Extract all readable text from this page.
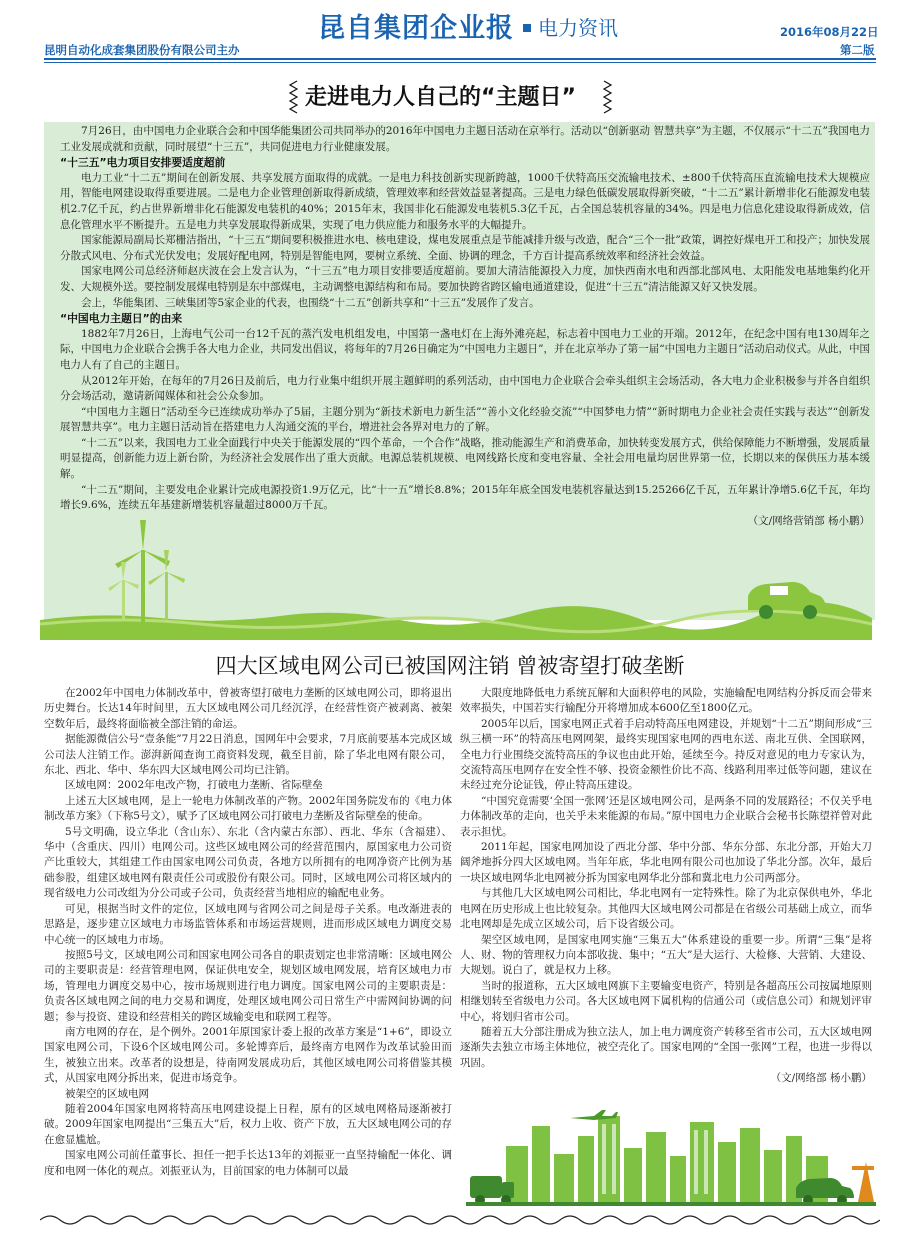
昆自集团企业报 电力资讯
昆明自动化成套集团股份有限公司主办
2016年08月22日
第二版
走进电力人自己的“主题日”

7月26日，由中国电力企业联合会和中国华能集团公司共同举办的2016年中国电力主题日活动在京举行。活动以“创新驱动 智慧共享”为主题，不仅展示“十二五”我国电力工业发展成就和贡献，同时展望“十三五”，共同促进电力行业健康发展。

“十三五”电力项目安排要适度超前

电力工业“十二五”期间在创新发展、共享发展方面取得的成就。一是电力科技创新实现新跨越，1000千伏特高压交流输电技术、±800千伏特高压直流输电技术大规模应用，智能电网建设取得重要进展。二是电力企业管理创新取得新成绩，管理效率和经营效益显著提高。三是电力绿色低碳发展取得新突破，“十二五”累计新增非化石能源发电装机2.7亿千瓦，约占世界新增非化石能源发电装机的40%；2015年末，我国非化石能源发电装机5.3亿千瓦，占全国总装机容量的34%。四是电力信息化建设取得新成效，信息化管理水平不断提升。五是电力共享发展取得新成果，实现了电力供应能力和服务水平的大幅提升。

国家能源局副局长郑栅洁指出，“十三五”期间要积极推进水电、核电建设，煤电发展重点是节能减排升级与改造，配合“三个一批”政策，调控好煤电开工和投产；加快发展分散式风电、分布式光伏发电；发展好配电网，特别是智能电网，要树立系统、全面、协调的理念，千方百计提高系统效率和经济社会效益。

国家电网公司总经济师赵庆波在会上发言认为，“十三五”电力项目安排要适度超前。要加大清洁能源投入力度，加快西南水电和西部北部风电、太阳能发电基地集约化开发、大规模外送。要控制发展煤电特别是东中部煤电，主动调整电源结构和布局。要加快跨省跨区输电通道建设，促进“十三五”清洁能源又好又快发展。

会上，华能集团、三峡集团等5家企业的代表，也围绕“十二五”创新共享和“十三五”发展作了发言。

“中国电力主题日”的由来

1882年7月26日，上海电气公司一台12千瓦的蒸汽发电机组发电，中国第一盏电灯在上海外滩亮起，标志着中国电力工业的开端。2012年，在纪念中国有电130周年之际，中国电力企业联合会携手各大电力企业，共同发出倡议，将每年的7月26日确定为“中国电力主题日”，并在北京举办了第一届“中国电力主题日”活动启动仪式。从此，中国电力人有了自己的主题日。

从2012年开始，在每年的7月26日及前后，电力行业集中组织开展主题鲜明的系列活动，由中国电力企业联合会牵头组织主会场活动，各大电力企业积极参与并各自组织分会场活动，邀请新闻媒体和社会公众参加。

“中国电力主题日”活动至今已连续成功举办了5届，主题分别为“新技术新电力新生活”“善小文化经验交流”“中国梦电力情”“新时期电力企业社会责任实践与表达”“创新发展智慧共享”。电力主题日活动旨在搭建电力人沟通交流的平台，增进社会各界对电力的了解。

“十二五”以来，我国电力工业全面践行中央关于能源发展的“四个革命，一个合作”战略，推动能源生产和消费革命，加快转变发展方式，供给保障能力不断增强，发展质量明显提高，创新能力迈上新台阶，为经济社会发展作出了重大贡献。电源总装机规模、电网线路长度和变电容量、全社会用电量均居世界第一位，长期以来的保供压力基本缓解。

“十二五”期间，主要发电企业累计完成电源投资1.9万亿元，比“十一五”增长8.8%；2015年年底全国发电装机容量达到15.25266亿千瓦，五年累计净增5.6亿千瓦，年均增长9.6%，连续五年基建新增装机容量超过8000万千瓦。

（文/网络营销部 杨小鹏）

四大区域电网公司已被国网注销 曾被寄望打破垄断

在2002年中国电力体制改革中，曾被寄望打破电力垄断的区域电网公司，即将退出历史舞台。长达14年时间里，五大区域电网公司几经沉浮，在经营性资产被剥离、被架空数年后，最终将面临被全部注销的命运。

据能源微信公号“壹条能”7月22日消息，国网年中会要求，7月底前要基本完成区域公司法人注销工作。澎湃新闻查询工商资料发现，截至目前，除了华北电网有限公司，东北、西北、华中、华东四大区域电网公司均已注销。

区域电网：2002年电改产物，打破电力垄断、省际壁垒

上述五大区域电网，是上一轮电力体制改革的产物。2002年国务院发布的《电力体制改革方案》（下称5号文），赋予了区域电网公司打破电力垄断及省际壁垒的使命。

5号文明确，设立华北（含山东）、东北（含内蒙古东部）、西北、华东（含福建）、华中（含重庆、四川）电网公司。这些区域电网公司的经营范围内，原国家电力公司资产比重较大，其组建工作由国家电网公司负责，各地方以所拥有的电网净资产比例为基础参股，组建区域电网有限责任公司或股份有限公司。同时，区域电网公司将区域内的现省级电力公司改组为分公司或子公司，负责经营当地相应的输配电业务。

可见，根据当时文件的定位，区域电网与省网公司之间是母子关系。电改渐进表的思路是，逐步建立区域电力市场监管体系和市场运营规则，进而形成区域电力调度交易中心统一的区域电力市场。

按照5号文，区域电网公司和国家电网公司各自的职责划定也非常清晰：区域电网公司的主要职责是：经营管理电网，保证供电安全，规划区域电网发展，培育区域电力市场，管理电力调度交易中心，按市场规则进行电力调度。国家电网公司的主要职责是：负责各区域电网之间的电力交易和调度，处理区域电网公司日常生产中需网间协调的问题；参与投资、建设和经营相关的跨区域输变电和联网工程等。

南方电网的存在，是个例外。2001年原国家计委上报的改革方案是“1+6”，即设立国家电网公司，下设6个区域电网公司。多轮博弈后，最终南方电网作为改革试验田而生，被独立出来。改革者的设想是，待南网发展成功后，其他区域电网公司将借鉴其模式，从国家电网分拆出来，促进市场竞争。

被架空的区域电网

随着2004年国家电网将特高压电网建设提上日程，原有的区域电网格局逐渐被打破。2009年国家电网提出“三集五大”后，权力上收、资产下放，五大区域电网公司的存在愈显尴尬。

国家电网公司前任董事长、担任一把手长达13年的刘振亚一直坚持输配一体化、调度和电网一体化的观点。刘振亚认为，目前国家的电力体制可以最

大限度地降低电力系统瓦解和大面积停电的风险，实施输配电网结构分拆反而会带来效率损失，中国若实行输配分开将增加成本600亿至1800亿元。

2005年以后，国家电网正式着手启动特高压电网建设，并规划“十二五”期间形成“三纵三横一环”的特高压电网网架，最终实现国家电网的西电东送、南北互供、全国联网，全电力行业围绕交流特高压的争议也由此开始，延续至今。持反对意见的电力专家认为，交流特高压电网存在安全性不够、投资金额性价比不高、线路利用率过低等问题，建议在未经过充分论证钱，停止特高压建设。

“中国究竟需要‘全国一张网’还是区域电网公司，是两条不同的发展路径；不仅关乎电力体制改革的走向，也关乎未来能源的布局。”原中国电力企业联合会秘书长陈望祥曾对此表示担忧。

2011年起，国家电网加设了西北分部、华中分部、华东分部、东北分部，开始大刀阔斧地拆分四大区域电网。当年年底，华北电网有限公司也加设了华北分部。次年，最后一块区域电网华北电网被分拆为国家电网华北分部和冀北电力公司两部分。

与其他几大区域电网公司相比，华北电网有一定特殊性。除了为北京保供电外，华北电网在历史形成上也比较复杂。其他四大区域电网公司都是在省级公司基础上成立，而华北电网却是先成立区域公司，后下设省级公司。

架空区域电网，是国家电网实施“三集五大”体系建设的重要一步。所谓“三集”是将人、财、物的管理权力向本部收拢、集中；“五大”是大运行、大检修、大营销、大建设、大规划。说白了，就是权力上移。

当时的报道称，五大区域电网旗下主要输变电资产，特别是各超高压公司按属地原则相继划转至省级电力公司。各大区域电网下属机构的信通公司（或信息公司）和规划评审中心，将划归省市公司。

随着五大分部注册成为独立法人，加上电力调度资产转移至省市公司，五大区域电网逐渐失去独立市场主体地位，被空壳化了。国家电网的“全国一张网”工程，也进一步得以巩固。

（文/网络部 杨小鹏）
